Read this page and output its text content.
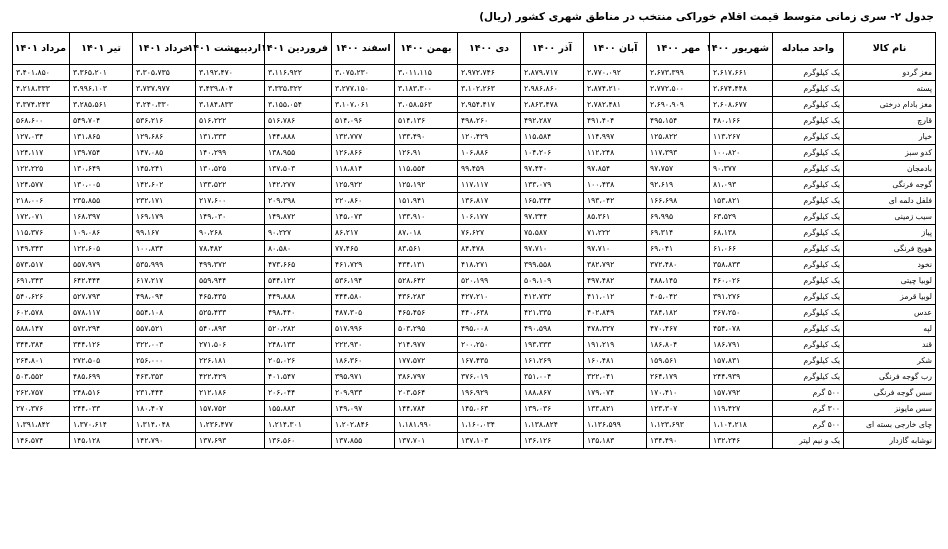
جدول ۲- سری زمانی متوسط قیمت اقلام خوراکی منتخب در مناطق شهری کشور (ریال)
نام کالا	واحد مبادله	شهریور ۱۴۰۰	مهر ۱۴۰۰	آبان ۱۴۰۰	آذر ۱۴۰۰	دی ۱۴۰۰	بهمن ۱۴۰۰	اسفند ۱۴۰۰	فروردین ۱۴۰۱	اردیبهشت ۱۴۰۱	خرداد ۱۴۰۱	تیر ۱۴۰۱	مرداد ۱۴۰۱
مغز گردو	یک کیلوگرم	۲،۶۱۷،۶۶۱	۲،۶۷۳،۳۹۹	۲،۷۷۰،۰۹۲	۲،۸۷۹،۷۱۷	۲،۹۷۲،۷۴۶	۳،۰۱۱،۱۱۵	۳،۰۷۵،۲۳۰	۳،۱۱۶،۹۲۲	۳،۱۹۲،۴۷۰	۳،۳۰۵،۷۳۵	۳،۳۶۵،۲۰۱	۳،۴۰۱،۸۵۰
پسته	یک کیلوگرم	۲،۶۷۴،۴۴۸	۲،۷۷۲،۵۰۰	۲،۸۷۴،۲۱۰	۲،۹۸۶،۸۶۰	۳،۱۰۲،۲۶۳	۳،۱۸۳،۳۰۰	۳،۲۷۷،۱۵۰	۳،۳۳۵،۳۲۲	۳،۴۳۹،۸۰۴	۳،۷۳۷،۹۷۷	۳،۹۹۶،۱۰۳	۴،۲۱۸،۳۳۳
مغز بادام درختی	یک کیلوگرم	۲،۶۰۸،۶۷۷	۲،۶۹۰،۹۰۹	۲،۷۸۲،۴۸۱	۲،۸۶۳،۴۷۸	۲،۹۵۴،۴۱۷	۳،۰۵۸،۵۶۳	۳،۱۰۷،۰۶۱	۳،۱۵۵،۰۵۴	۳،۱۸۴،۸۳۳	۳،۲۴۰،۳۳۰	۳،۲۸۵،۵۶۱	۳،۳۷۴،۲۴۳
قارچ	یک کیلوگرم	۴۸۰،۱۶۶	۴۹۵،۱۵۴	۴۹۱،۴۰۴	۴۹۲،۲۸۷	۴۹۸،۲۶۰	۵۱۴،۱۳۶	۵۱۴،۰۹۶	۵۱۶،۷۸۶	۵۱۶،۲۲۲	۵۳۶،۲۱۶	۵۴۹،۷۰۴	۵۶۸،۶۰۰
خیار	یک کیلوگرم	۱۱۳،۲۶۷	۱۲۵،۸۲۲	۱۱۴،۹۹۷	۱۱۵،۵۸۴	۱۲۰،۴۲۹	۱۳۳،۴۹۰	۱۳۲،۷۷۷	۱۴۴،۸۸۸	۱۳۱،۳۳۳	۱۲۹،۶۸۶	۱۳۱،۸۶۵	۱۲۷،۰۳۴
کدو سبز	یک کیلوگرم	۱۰۰،۸۲۰	۱۱۷،۳۹۳	۱۱۲،۲۴۸	۱۰۴،۲۰۶	۱۰۶،۸۸۶	۱۲۶،۹۱	۱۲۶،۸۶۶	۱۳۸،۹۵۵	۱۴۰،۲۹۹	۱۴۷،۰۸۵	۱۳۹،۷۵۴	۱۲۴،۱۱۷
بادمجان	یک کیلوگرم	۹۰،۳۷۷	۹۷،۷۵۷	۹۷،۸۵۴	۹۷،۴۴۰	۹۹،۴۵۹	۱۱۵،۵۵۴	۱۱۸،۸۱۴	۱۳۷،۵۰۳	۱۳۰،۵۲۵	۱۴۵،۲۴۱	۱۳۰،۶۴۹	۱۲۲،۲۲۵
گوجه فرنگی	یک کیلوگرم	۸۱،۰۹۳	۹۲،۶۱۹	۱۰۰،۴۳۸	۱۳۳،۰۷۹	۱۱۷،۱۱۷	۱۲۵،۱۹۲	۱۲۵،۹۲۲	۱۴۲،۲۷۷	۱۳۳،۵۲۲	۱۴۲،۶۰۲	۱۳۰،۰۰۵	۱۲۴،۵۷۷
فلفل دلمه ای	یک کیلوگرم	۱۵۳،۸۲۱	۱۶۶،۶۹۸	۱۹۳،۰۴۲	۱۶۵،۳۴۴	۱۳۶،۸۱۷	۱۵۱،۹۴۱	۲۲۰،۸۶۰	۲۰۹،۳۹۸	۲۱۷،۶۰۰	۲۳۲،۱۷۱	۲۳۵،۸۵۵	۲۱۸،۰۰۶
سیب زمینی	یک کیلوگرم	۶۳،۵۲۹	۶۹،۹۹۵	۸۵،۳۶۱	۹۷،۳۴۴	۱۰۶،۱۷۷	۱۳۳،۹۱۰	۱۴۵،۰۷۳	۱۴۹،۸۷۲	۱۴۹،۰۳۰	۱۶۹،۱۷۹	۱۶۸،۳۹۷	۱۷۲،۰۷۱
پیاز	یک کیلوگرم	۶۸،۱۳۸	۶۹،۳۱۴	۷۱،۲۲۲	۷۵،۵۸۷	۷۶،۶۲۷	۸۷،۰۱۸	۸۶،۲۱۷	۹۰،۲۲۷	۹۰،۲۶۸	۹۹،۱۶۷	۱۰۹،۰۸۶	۱۱۵،۳۷۶
هویج فرنگی	یک کیلوگرم	۶۱،۰۶۶	۶۹،۰۴۱	۹۷،۷۱۰	۹۷،۷۱۰	۸۴،۴۷۸	۸۳،۵۶۱	۷۷،۴۶۵	۸۰،۵۸۰	۷۸،۴۸۲	۱۰۰،۸۳۴	۱۲۲،۶۰۵	۱۴۹،۳۴۳
نخود	یک کیلوگرم	۳۵۸،۸۳۳	۳۷۲،۴۸۰	۳۸۲،۷۹۲	۳۹۹،۵۵۸	۴۱۸،۲۷۱	۴۳۴،۱۳۱	۴۶۱،۷۲۹	۴۷۳،۶۶۵	۴۹۹،۳۷۲	۵۳۵،۹۹۹	۵۵۷،۹۷۹	۵۷۳،۵۱۷
لوبیا چیتی	یک کیلوگرم	۴۶۰،۰۲۶	۴۸۸،۱۴۵	۴۹۷،۴۸۲	۵۰۹،۱۰۹	۵۲۰،۱۹۹	۵۲۸،۶۴۲	۵۳۶،۱۹۴	۵۴۴،۱۲۲	۵۵۹،۹۴۴	۶۱۷،۲۱۷	۶۴۲،۴۴۴	۶۹۱،۳۴۳
لوبیا قرمز	یک کیلوگرم	۳۹۱،۲۷۶	۴۰۵،۰۴۲	۴۱۱،۰۱۲	۴۱۲،۷۳۲	۴۲۷،۲۱۰	۴۳۶،۲۸۳	۴۴۴،۵۸۰	۴۴۹،۸۸۸	۴۶۵،۴۳۵	۴۹۸،۰۹۴	۵۲۷،۷۹۳	۵۴۰،۶۲۶
عدس	یک کیلوگرم	۳۶۷،۲۵۰	۳۸۴،۱۸۲	۴۰۲،۸۴۹	۴۲۱،۳۳۵	۴۴۰،۶۳۸	۴۶۵،۴۵۶	۴۸۷،۳۰۵	۴۹۸،۴۴۰	۵۲۵،۴۳۳	۵۵۴،۱۰۸	۵۷۸،۱۱۷	۶۰۲،۵۷۸
لپه	یک کیلوگرم	۴۵۴،۰۷۸	۴۷۰،۴۶۷	۴۷۸،۳۲۷	۴۹۰،۵۹۸	۴۹۵،۰۰۸	۵۰۳،۲۹۵	۵۱۷،۹۹۶	۵۲۰،۲۸۲	۵۴۰،۸۹۳	۵۵۷،۵۲۱	۵۷۲،۲۹۴	۵۸۸،۱۴۷
قند	یک کیلوگرم	۱۸۶،۷۹۱	۱۸۶،۸۰۴	۱۹۱،۲۱۹	۱۹۳،۳۳۳	۲۰۰،۲۵۰	۲۱۴،۹۷۷	۲۲۲،۹۳۰	۲۴۸،۱۳۳	۲۷۱،۵۰۶	۳۲۲،۰۰۳	۳۴۴،۱۲۶	۳۴۴،۳۸۴
شکر	یک کیلوگرم	۱۵۷،۸۳۱	۱۵۹،۵۶۱	۱۶۰،۴۸۱	۱۶۱،۲۶۹	۱۶۷،۴۳۵	۱۷۷،۵۷۲	۱۸۶،۳۶۰	۲۰۵،۰۲۶	۲۲۶،۱۸۱	۲۵۶،۰۰۰	۲۷۲،۵۰۵	۲۶۴،۸۰۱
رب گوجه فرنگی	یک کیلوگرم	۲۴۴،۹۳۹	۲۶۴،۱۷۹	۳۲۲،۰۴۱	۳۵۱،۰۰۴	۳۷۶،۰۱۹	۳۸۶،۷۹۷	۳۹۵،۹۷۱	۴۰۱،۵۴۷	۴۲۲،۴۲۹	۴۶۳،۳۵۳	۴۸۵،۶۹۹	۵۰۳،۵۵۲
سس گوجه فرنگی	۵۰۰ گرم	۱۵۷،۷۹۲	۱۷۰،۴۱۰	۱۷۹،۰۷۴	۱۸۸،۸۶۷	۱۹۶،۹۲۹	۲۰۳،۵۶۴	۲۰۹،۹۳۳	۲۰۶،۰۴۴	۲۱۲،۱۸۶	۲۳۱،۴۴۴	۲۴۸،۵۱۶	۲۶۲،۷۵۷
سس مایونز	۳۰۰ گرم	۱۱۹،۴۲۷	۱۲۳،۳۰۷	۱۳۳،۸۲۱	۱۳۹،۰۳۶	۱۴۵،۰۶۳	۱۴۴،۷۸۴	۱۴۹،۰۹۷	۱۵۵،۸۸۳	۱۵۷،۷۵۲	۱۸۰،۴۰۷	۲۴۴،۰۳۳	۲۷۰،۳۷۶
چای خارجی بسته ای	۵۰۰ گرم	۱،۱۰۴،۲۱۸	۱،۱۲۳،۶۹۳	۱،۱۳۶،۵۹۹	۱،۱۳۸،۸۲۴	۱،۱۶۰،۰۳۴	۱،۱۸۱،۹۹۰	۱،۲۰۲،۸۴۶	۱،۲۱۴،۳۰۱	۱،۲۳۶،۴۷۷	۱،۳۱۴،۰۴۸	۱،۳۷۰،۶۱۴	۱،۳۹۱،۸۴۲
نوشابه گازدار	یک و نیم لیتر	۱۳۲،۲۴۶	۱۳۴،۴۹۰	۱۳۵،۱۸۳	۱۳۶،۱۲۶	۱۳۷،۱۰۳	۱۳۷،۷۰۱	۱۳۷،۸۵۵	۱۳۶،۵۶۰	۱۳۷،۶۹۳	۱۴۲،۷۹۰	۱۴۵،۱۲۸	۱۴۶،۵۷۴
